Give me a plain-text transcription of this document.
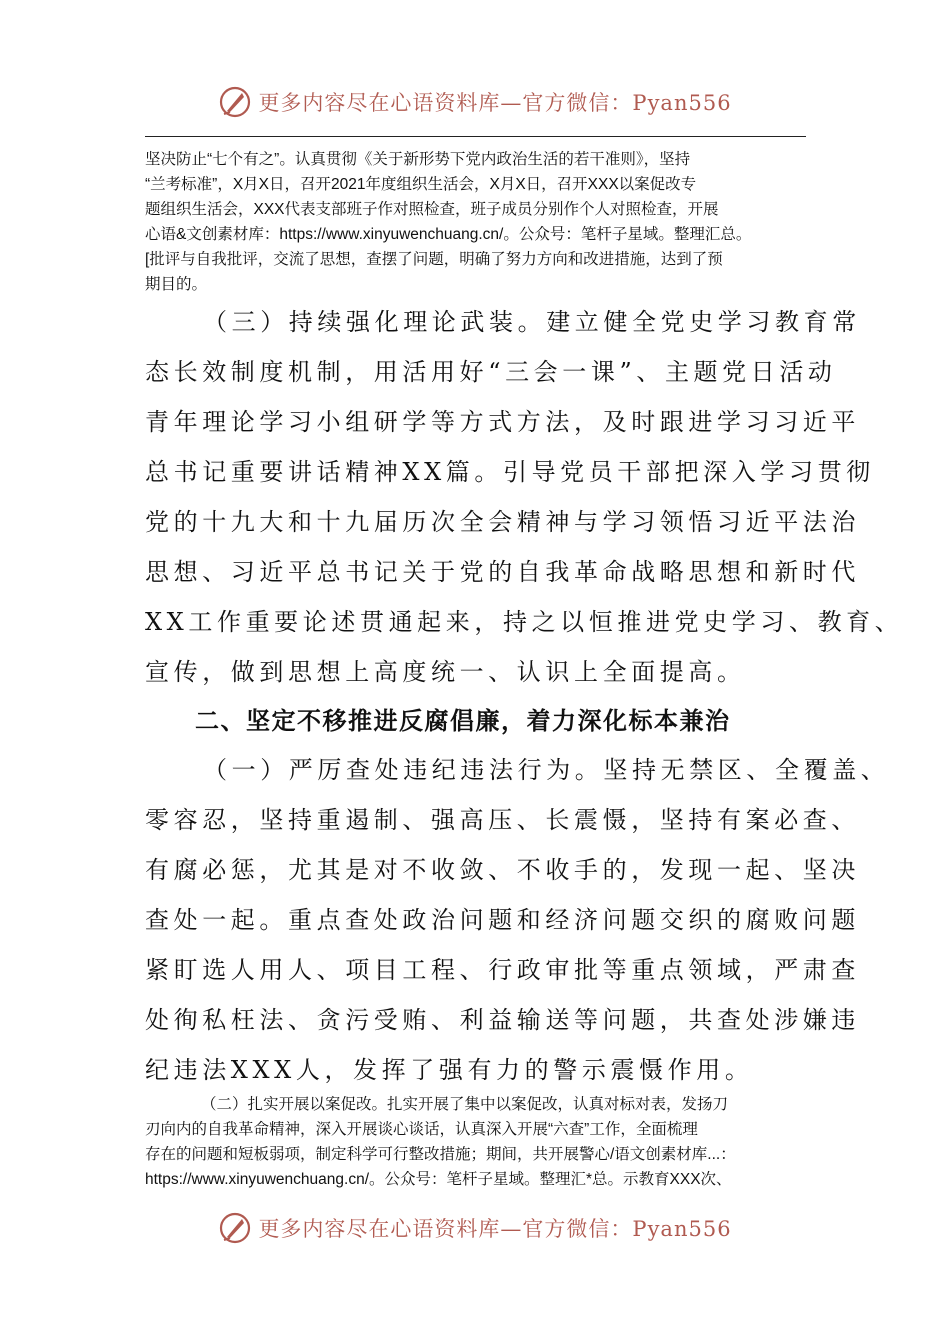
更多内容尽在心语资料库—官方微信：Pyan556

坚决防止“七个有之”。认真贯彻《关于新形势下党内政治生活的若干准则》，坚持

“兰考标准”，X月X日，召开2021年度组织生活会，X月X日，召开XXX以案促改专

题组织生活会，XXX代表支部班子作对照检查，班子成员分别作个人对照检查，开展

心语&文创素材库：https://www.xinyuwenchuang.cn/。公众号：笔杆子星域。整理汇总。

[批评与自我批评，交流了思想，查摆了问题，明确了努力方向和改进措施，达到了预

期目的。

（三）持续强化理论武装。建立健全党史学习教育常

态长效制度机制，用活用好“三会一课”、主题党日活动

青年理论学习小组研学等方式方法，及时跟进学习习近平

总书记重要讲话精神XX篇。引导党员干部把深入学习贯彻

党的十九大和十九届历次全会精神与学习领悟习近平法治

思想、习近平总书记关于党的自我革命战略思想和新时代

XX工作重要论述贯通起来，持之以恒推进党史学习、教育、

宣传，做到思想上高度统一、认识上全面提高。

二、坚定不移推进反腐倡廉，着力深化标本兼治

（一）严厉查处违纪违法行为。坚持无禁区、全覆盖、

零容忍，坚持重遏制、强高压、长震慑，坚持有案必查、

有腐必惩，尤其是对不收敛、不收手的，发现一起、坚决

查处一起。重点查处政治问题和经济问题交织的腐败问题

紧盯选人用人、项目工程、行政审批等重点领域，严肃查

处徇私枉法、贪污受贿、利益输送等问题，共查处涉嫌违

纪违法XXX人，发挥了强有力的警示震慑作用。

（二）扎实开展以案促改。扎实开展了集中以案促改，认真对标对表，发扬刀

刃向内的自我革命精神，深入开展谈心谈话，认真深入开展“六查”工作，全面梳理

存在的问题和短板弱项，制定科学可行整改措施；期间，共开展警心/语文创素材库...：

https://www.xinyuwenchuang.cn/。公众号：笔杆子星域。整理汇*总。示教育XXX次、

更多内容尽在心语资料库—官方微信：Pyan556
